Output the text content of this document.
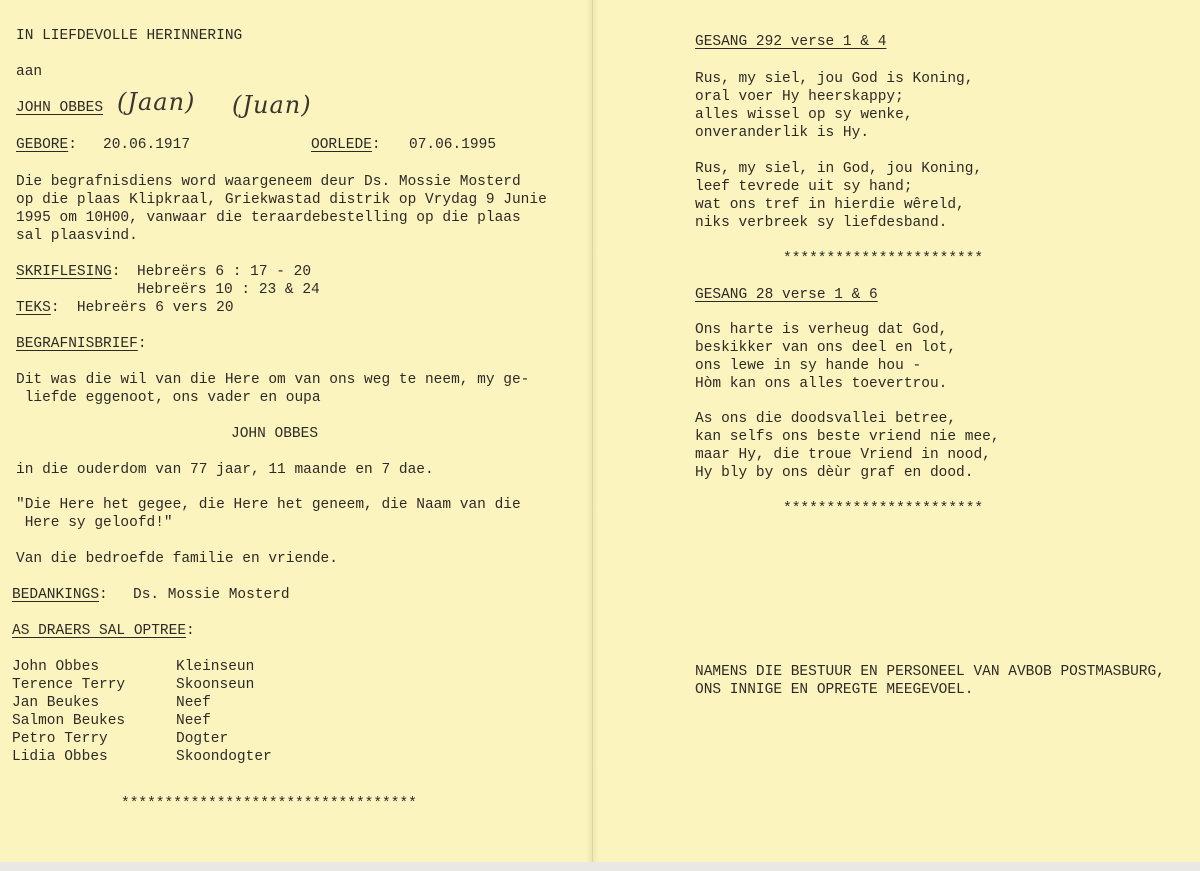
IN LIEFDEVOLLE HERINNERING

aan

JOHN OBBES (Jaan) (Juan)

GEBORE: 20.06.1917	OORLEDE: 07.06.1995

Die begrafnisdiens word waargeneem deur Ds. Mossie Mosterd

op die plaas Klipkraal, Griekwastad distrik op Vrydag 9 Junie

1995 om 10H00, vanwaar die teraardebestelling op die plaas

sal plaasvind.

SKRIFLESING: Hebreërs 6 : 17 - 20

Hebreërs 10 : 23 & 24

TEKS:  Hebreërs 6 vers 20

BEGRAFNISBRIEF:

Dit was die wil van die Here om van ons weg te neem, my ge-

liefde eggenoot, ons vader en oupa

JOHN OBBES

in die ouderdom van 77 jaar, 11 maande en 7 dae.

"Die Here het gegee, die Here het geneem, die Naam van die

Here sy geloofd!"

Van die bedroefde familie en vriende.

BEDANKINGS: Ds. Mossie Mosterd

AS DRAERS SAL OPTREE:

John Obbes	Kleinseun

Terence Terry	Skoonseun

Jan Beukes	Neef

Salmon Beukes	Neef

Petro Terry	Dogter

Lidia Obbes	Skoondogter

**********************************

GESANG 292 verse 1 & 4

Rus, my siel, jou God is Koning,

oral voer Hy heerskappy;

alles wissel op sy wenke,

onveranderlik is Hy.

Rus, my siel, in God, jou Koning,

leef tevrede uit sy hand;

wat ons tref in hierdie wêreld,

niks verbreek sy liefdesband.

***********************

GESANG 28 verse 1 & 6

Ons harte is verheug dat God,

beskikker van ons deel en lot,

ons lewe in sy hande hou -

Hòm kan ons alles toevertrou.

As ons die doodsvallei betree,

kan selfs ons beste vriend nie mee,

maar Hy, die troue Vriend in nood,

Hy bly by ons dèùr graf en dood.

***********************

NAMENS DIE BESTUUR EN PERSONEEL VAN AVBOB POSTMASBURG,

ONS INNIGE EN OPREGTE MEEGEVOEL.
